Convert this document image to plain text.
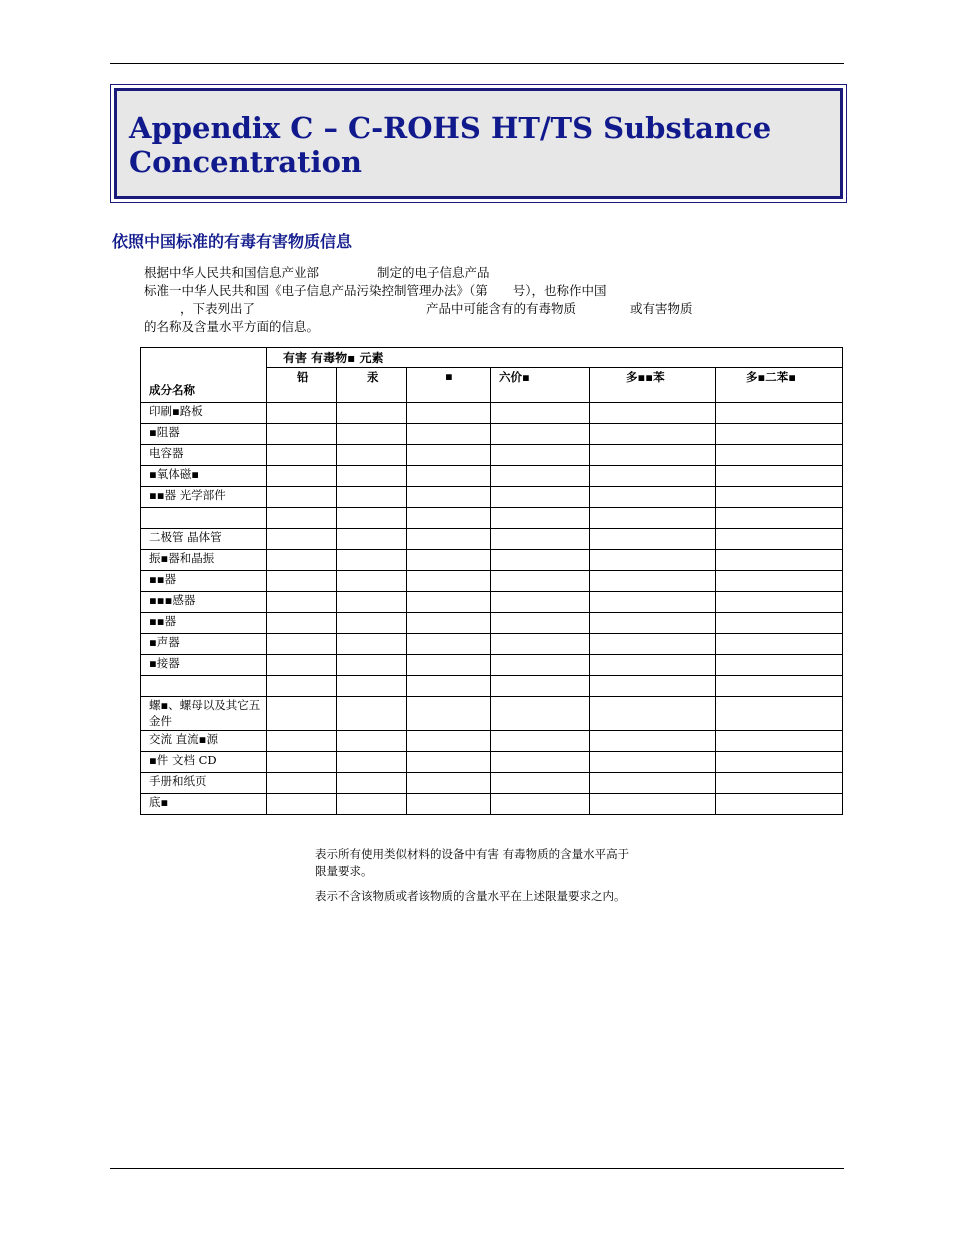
Appendix C – C-ROHS HT/TS Substance
Concentration

依照中国标准的有毒有害物质信息
根据中华人民共和国信息产业部	制定的电子信息产品
标准一中华人民共和国《电子信息产品污染控制管理办法》（第　　号），也称作中国
，下表列出了	产品中可能含有的有毒物质	或有害物质
的名称及含量水平方面的信息。
成分名称	有害 有毒物▪ 元素					
	铅	汞	▪	六价▪	多▪▪苯	多▪二苯▪
印刷▪路板						
▪阻器						
电容器						
▪氧体磁▪						
▪▪器 光学部件						

二极管 晶体管						
振▪器和晶振						
▪▪器						
▪▪▪感器						
▪▪器						
▪声器						
▪接器						

螺▪、螺母以及其它五金件						
交流 直流▪源						
▪件 文档 CD						
手册和纸页						
底▪						
表示所有使用类似材料的设备中有害 有毒物质的含量水平高于
限量要求。
表示不含该物质或者该物质的含量水平在上述限量要求之内。
